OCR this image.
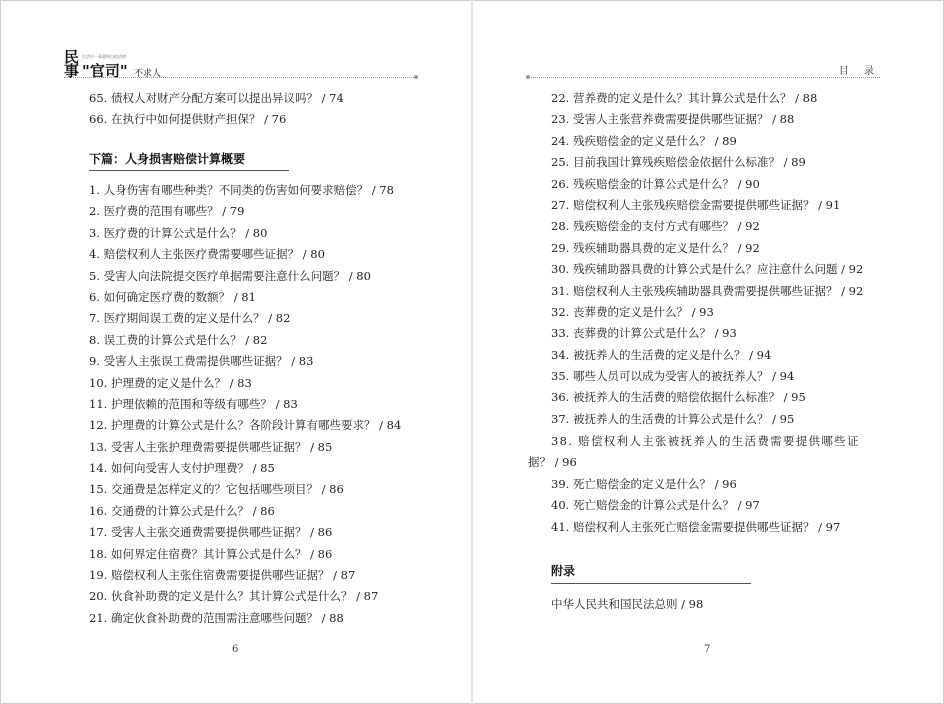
民事
生活中一看就明白的法律
"官司" 不求人	目 录
65. 债权人对财产分配方案可以提出异议吗？ / 74
66. 在执行中如何提供财产担保？ / 76
下篇：人身损害赔偿计算概要
1. 人身伤害有哪些种类？不同类的伤害如何要求赔偿？ / 78
2. 医疗费的范围有哪些？ / 79
3. 医疗费的计算公式是什么？ / 80
4. 赔偿权利人主张医疗费需要哪些证据？ / 80
5. 受害人向法院提交医疗单据需要注意什么问题？ / 80
6. 如何确定医疗费的数额？ / 81
7. 医疗期间误工费的定义是什么？ / 82
8. 误工费的计算公式是什么？ / 82
9. 受害人主张误工费需提供哪些证据？ / 83
10. 护理费的定义是什么？ / 83
11. 护理依赖的范围和等级有哪些？ / 83
12. 护理费的计算公式是什么？各阶段计算有哪些要求？ / 84
13. 受害人主张护理费需要提供哪些证据？ / 85
14. 如何向受害人支付护理费？ / 85
15. 交通费是怎样定义的？它包括哪些项目？ / 86
16. 交通费的计算公式是什么？ / 86
17. 受害人主张交通费需要提供哪些证据？ / 86
18. 如何界定住宿费？其计算公式是什么？ / 86
19. 赔偿权利人主张住宿费需要提供哪些证据？ / 87
20. 伙食补助费的定义是什么？其计算公式是什么？ / 87
21. 确定伙食补助费的范围需注意哪些问题？ / 88
6
22. 营养费的定义是什么？其计算公式是什么？ / 88
23. 受害人主张营养费需要提供哪些证据？ / 88
24. 残疾赔偿金的定义是什么？ / 89
25. 目前我国计算残疾赔偿金依据什么标准？ / 89
26. 残疾赔偿金的计算公式是什么？ / 90
27. 赔偿权利人主张残疾赔偿金需要提供哪些证据？ / 91
28. 残疾赔偿金的支付方式有哪些？ / 92
29. 残疾辅助器具费的定义是什么？ / 92
30. 残疾辅助器具费的计算公式是什么？应注意什么问题 / 92
31. 赔偿权利人主张残疾辅助器具费需要提供哪些证据？ / 92
32. 丧葬费的定义是什么？ / 93
33. 丧葬费的计算公式是什么？ / 93
34. 被抚养人的生活费的定义是什么？ / 94
35. 哪些人员可以成为受害人的被抚养人？ / 94
36. 被抚养人的生活费的赔偿依据什么标准？ / 95
37. 被抚养人的生活费的计算公式是什么？ / 95
38. 赔偿权利人主张被抚养人的生活费需要提供哪些证
据？ / 96
39. 死亡赔偿金的定义是什么？ / 96
40. 死亡赔偿金的计算公式是什么？ / 97
41. 赔偿权利人主张死亡赔偿金需要提供哪些证据？ / 97
附录
中华人民共和国民法总则 / 98
7
